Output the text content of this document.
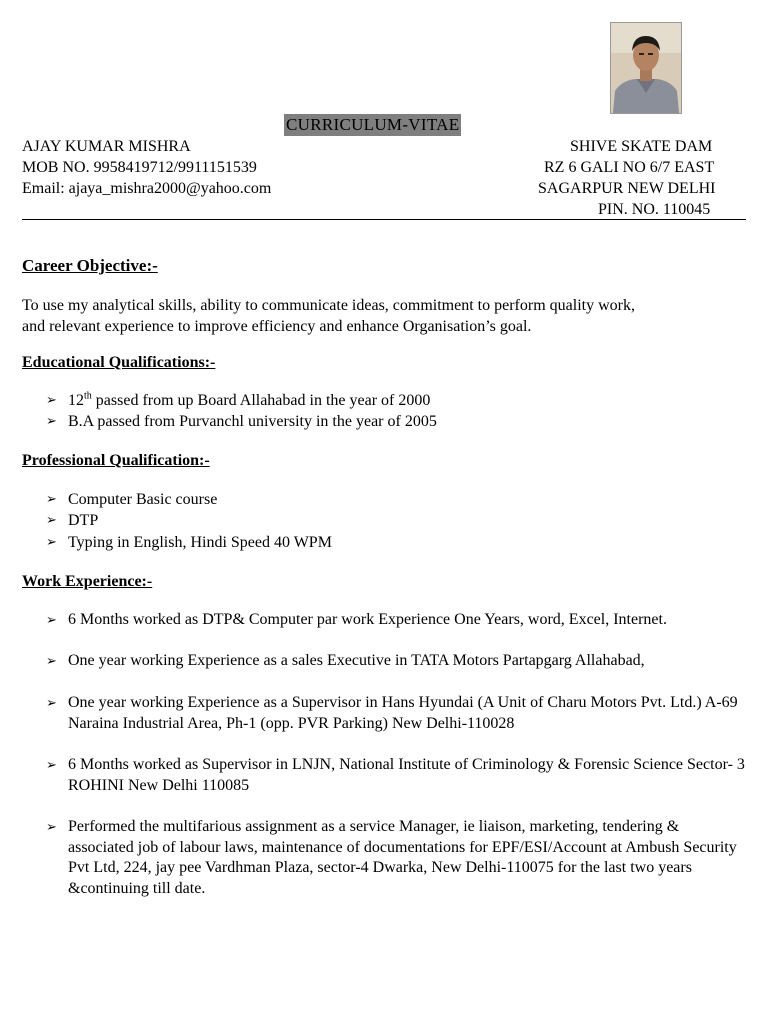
CURRICULUM-VITAE
AJAY KUMAR MISHRA
MOB NO. 9958419712/9911151539
Email: ajaya_mishra2000@yahoo.com
SHIVE SKATE DAM
RZ 6 GALI NO 6/7 EAST
SAGARPUR NEW DELHI
PIN. NO. 110045
Career Objective:-
To use my analytical skills, ability to communicate ideas, commitment to perform quality work,
and relevant experience to improve efficiency and enhance Organisation’s goal.
Educational Qualifications:-
➢ 12th passed from up Board Allahabad in the year of 2000
➢ B.A passed from Purvanchl university in the year of 2005
Professional Qualification:-
➢ Computer Basic course
➢ DTP
➢ Typing in English, Hindi Speed 40 WPM
Work Experience:-
➢ 6 Months worked as DTP& Computer par work Experience One Years, word, Excel, Internet.
➢ One year working Experience as a sales Executive in TATA Motors Partapgarg Allahabad,
➢ One year working Experience as a Supervisor in Hans Hyundai (A Unit of Charu Motors Pvt. Ltd.) A-69 Naraina Industrial Area, Ph-1 (opp. PVR Parking) New Delhi-110028
➢ 6 Months worked as Supervisor in LNJN, National Institute of Criminology & Forensic Science Sector- 3 ROHINI New Delhi 110085
➢ Performed the multifarious assignment as a service Manager, ie liaison, marketing, tendering & associated job of labour laws, maintenance of documentations for EPF/ESI/Account at Ambush Security Pvt Ltd, 224, jay pee Vardhman Plaza, sector-4 Dwarka, New Delhi-110075 for the last two years &continuing till date.
